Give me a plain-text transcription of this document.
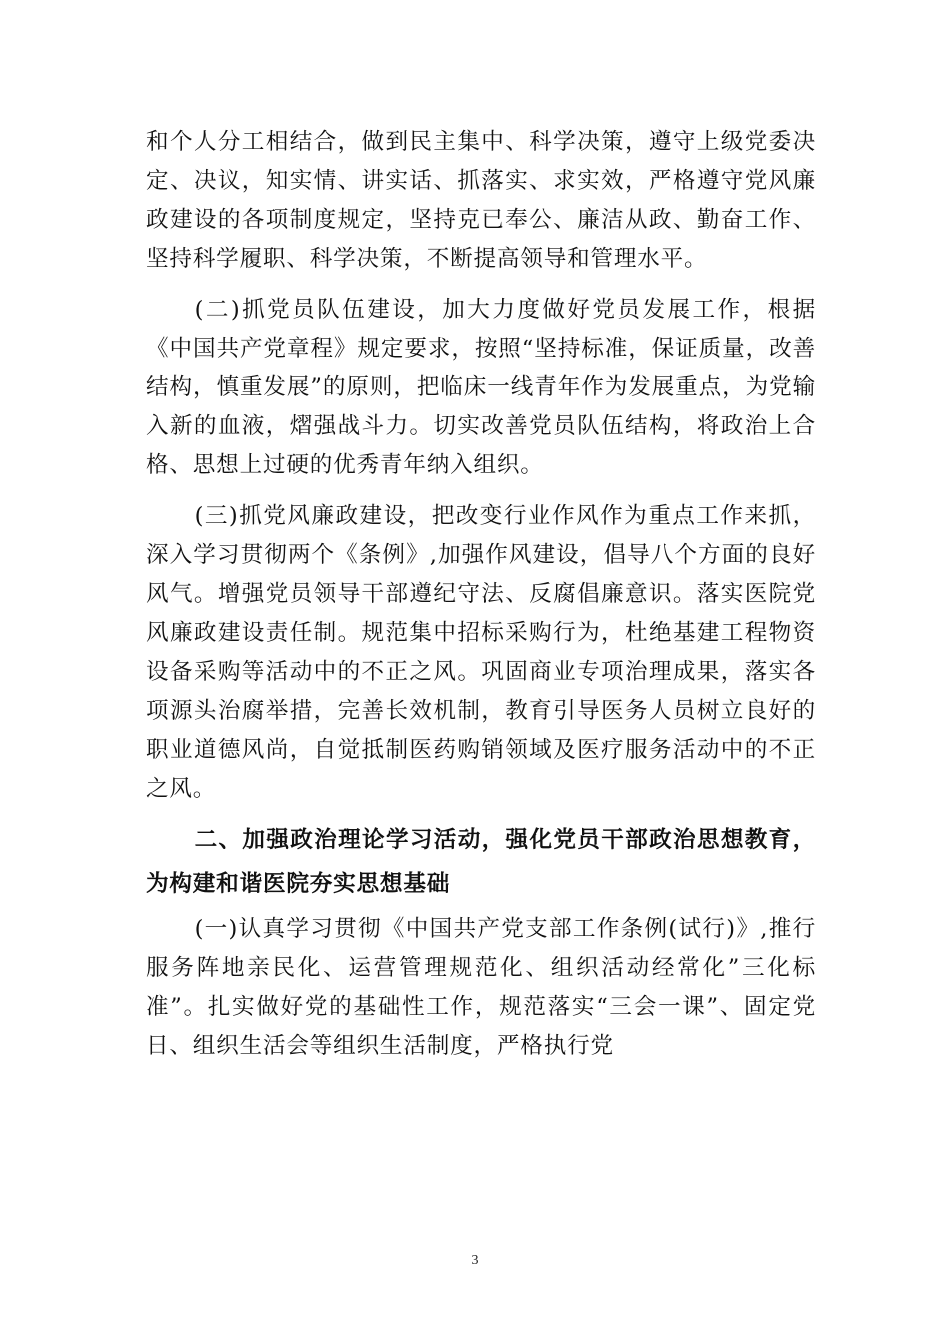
和个人分工相结合，做到民主集中、科学决策，遵守上级党委决定、决议，知实情、讲实话、抓落实、求实效，严格遵守党风廉政建设的各项制度规定，坚持克已奉公、廉洁从政、勤奋工作、坚持科学履职、科学决策，不断提高领导和管理水平。

(二)抓党员队伍建设，加大力度做好党员发展工作，根据《中国共产党章程》规定要求，按照“坚持标准，保证质量，改善结构，慎重发展”的原则，把临床一线青年作为发展重点，为党输入新的血液，熠强战斗力。切实改善党员队伍结构，将政治上合格、思想上过硬的优秀青年纳入组织。

(三)抓党风廉政建设，把改变行业作风作为重点工作来抓，深入学习贯彻两个《条例》,加强作风建设，倡导八个方面的良好风气。增强党员领导干部遵纪守法、反腐倡廉意识。落实医院党风廉政建设责任制。规范集中招标采购行为，杜绝基建工程物资设备采购等活动中的不正之风。巩固商业专项治理成果，落实各项源头治腐举措，完善长效机制，教育引导医务人员树立良好的职业道德风尚，自觉抵制医药购销领域及医疗服务活动中的不正之风。

二、加强政治理论学习活动，强化党员干部政治思想教育，为构建和谐医院夯实思想基础

(一)认真学习贯彻《中国共产党支部工作条例(试行)》,推行服务阵地亲民化、运营管理规范化、组织活动经常化”三化标准”。扎实做好党的基础性工作，规范落实“三会一课”、固定党日、组织生活会等组织生活制度，严格执行党

3
